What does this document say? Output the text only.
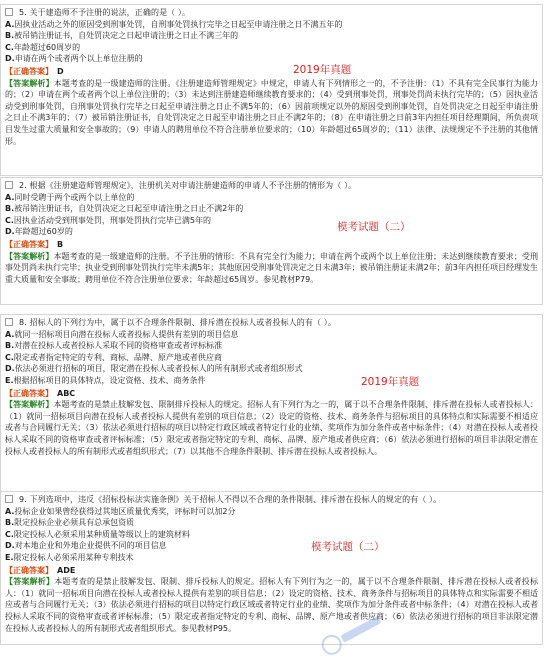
5. 关于建造师不予注册的说法，正确的是（ ）。
A.因执业活动之外的原因受到刑事处罚，自刑事处罚执行完毕之日起至申请注册之日不满五年的
B.被吊销注册证书，自处罚决定之日起申请注册之日止不满三年的
C.年龄超过60周岁的
D.申请在两个或者两个以上单位注册的
【正确答案】 D
【答案解析】本题考查的是一级建造师的注册。《注册建造师管理规定》中规定，申请人有下列情形之一的，不予注册：（1）不具有完全民事行为能力的；（2）申请在两个或者两个以上单位注册的；（3）未达到注册建造师继续教育要求的；（4）受到刑事处罚，刑事处罚尚未执行完毕的；（5）因执业活动受到刑事处罚，自刑事处罚执行完毕之日起至申请注册之日止不满5年的；（6）因前项规定以外的原因受到刑事处罚，自处罚决定之日起至申请注册之日止不满3年的；（7）被吊销注册证书，自处罚决定之日起至申请注册之日止不满2年的；（8）在申请注册之日前3年内担任项目经理期间，所负责项目发生过重大质量和安全事故的；（9）申请人的聘用单位不符合注册单位要求的；（10）年龄超过65周岁的；（11）法律、法规规定不予注册的其他情形。
2019年真题
2. 根据《注册建造师管理规定》，注册机关对申请注册建造师的申请人不予注册的情形为（ ）。
A.同时受聘于两个或两个以上单位的
B.被吊销注册证书，自处罚决定之日起至申请注册之日止不满2年的
C.因执业活动受到刑事处罚，刑事处罚执行完毕已满5年的
D.年龄超过60岁的
【正确答案】 B
【答案解析】本题考查的是一级建造师的注册。不予注册的情形：不具有完全行为能力；申请在两个或两个以上单位注册；未达到继续教育要求；受刑事处罚尚未执行完毕；执业受到刑事处罚执行完毕未满5年；其他原因受刑事处罚决定之日未满3年；被吊销注册证未满2年；前3年内担任项目经理发生重大质量和安全事故；聘用单位不符合注册单位要求；年龄超过65周岁。参见教材P79。
模考试题（二）
8. 招标人的下列行为中，属于以不合理条件限制、排斥潜在投标人或者投标人的有（ ）。
A.就同一招标项目向潜在投标人或者投标人提供有差别的项目信息
B.对潜在投标人或者投标人采取不同的资格审查或者评标标准
C.限定或者指定特定的专利、商标、品牌、原产地或者供应商
D.依法必须进行招标的项目，限定潜在投标人或者投标人的所有制形式或者组织形式
E.根据招标项目的具体特点，设定资格、技术、商务条件
【正确答案】 ABC
【答案解析】本题考查的是禁止肢解发包、限制排斥投标人的规定。招标人有下列行为之一的，属于以不合理条件限制、排斥潜在投标人或者投标人：（1）就同一招标项目向潜在投标人或者投标人提供有差别的项目信息；（2）设定的资格、技术、商务条件与招标项目的具体特点和实际需要不相适应或者与合同履行无关；（3）依法必须进行招标的项目以特定行政区域或者特定行业的业绩、奖项作为加分条件或者中标条件；（4）对潜在投标人或者投标人采取不同的资格审查或者评标标准；（5）限定或者指定特定的专利、商标、品牌、原产地或者供应商；（6）依法必须进行招标的项目非法限定潜在投标人或者投标人的所有制形式或者组织形式；（7）以其他不合理条件限制、排斥潜在投标人或者投标人。
2019年真题
9. 下列选项中，违反《招标投标法实施条例》关于招标人不得以不合理的条件限制、排斥潜在投标人的规定的有（ ）。
A.投标企业如果曾经获得过其地区质量优秀奖，评标时可以加2分
B.限定投标企业必须具有总承包资质
C.限定投标人必须采用某种质量等级以上的建筑材料
D.对本地企业和外地企业提供不同的项目信息
E.限定投标人必须采用某种专利技术
【正确答案】 ADE
【答案解析】本题考查的是禁止肢解发包、限制、排斥投标人的规定。招标人有下列行为之一的，属于以不合理条件限制、排斥潜在投标人或者投标人：（1）就同一招标项目向潜在投标人或者投标人提供有差别的项目信息；（2）设定的资格、技术、商务条件与招标项目的具体特点和实际需要不相适应或者与合同履行无关；（3）依法必须进行招标的项目以特定行政区域或者特定行业的业绩、奖项作为加分条件或者中标条件；（4）对潜在投标人或者投标人采取不同的资格审查或者评标标准；（5）限定或者指定特定的专利、商标、品牌、原产地或者供应商；（6）依法必须进行招标的项目非法限定潜在投标人或者投标人的所有制形式或者组织形式。参见教材P95。
模考试题（二）
